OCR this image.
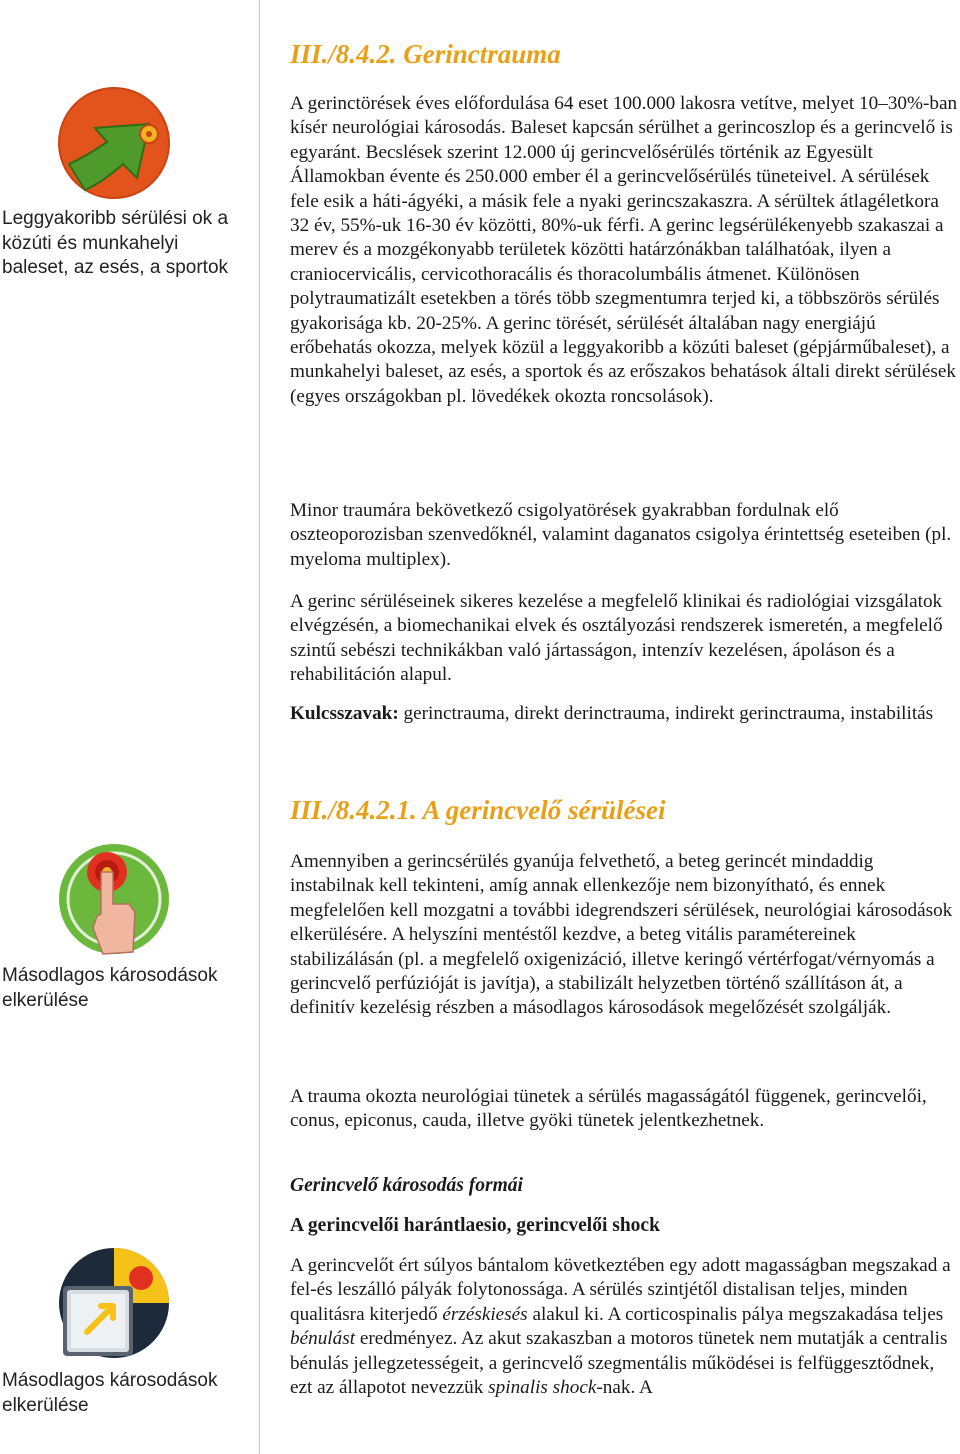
Leggyakoribb sérülési ok a közúti és munkahelyi baleset, az esés, a sportok
III./8.4.2. Gerinctrauma

A gerinctörések éves előfordulása 64 eset 100.000 lakosra vetítve, melyet 10–30%-ban kísér neurológiai károsodás. Baleset kapcsán sérülhet a gerincoszlop és a gerincvelő is egyaránt. Becslések szerint 12.000 új gerincvelősérülés történik az Egyesült Államokban évente és 250.000 ember él a gerincvelősérülés tüneteivel. A sérülések fele esik a háti-ágyéki, a másik fele a nyaki gerincszakaszra. A sérültek átlagéletkora 32 év, 55%-uk 16-30 év közötti, 80%-uk férfi. A gerinc legsérülékenyebb szakaszai a merev és a mozgékonyabb területek közötti határzónákban találhatóak, ilyen a craniocervicális, cervicothoracális és thoracolumbális átmenet. Különösen polytraumatizált esetekben a törés több szegmentumra terjed ki, a többszörös sérülés gyakorisága kb. 20-25%. A gerinc törését, sérülését általában nagy energiájú erőbehatás okozza, melyek közül a leggyakoribb a közúti baleset (gépjárműbaleset), a munkahelyi baleset, az esés, a sportok és az erőszakos behatások általi direkt sérülések (egyes országokban pl. lövedékek okozta roncsolások).

Minor traumára bekövetkező csigolyatörések gyakrabban fordulnak elő oszteoporozisban szenvedőknél, valamint daganatos csigolya érintettség eseteiben (pl. myeloma multiplex).

A gerinc sérüléseinek sikeres kezelése a megfelelő klinikai és radiológiai vizsgálatok elvégzésén, a biomechanikai elvek és osztályozási rendszerek ismeretén, a megfelelő szintű sebészi technikákban való jártasságon, intenzív kezelésen, ápoláson és a rehabilitáción alapul.

Kulcsszavak: gerinctrauma, direkt derinctrauma, indirekt gerinctrauma, instabilitás

III./8.4.2.1. A gerincvelő sérülései
Másodlagos károsodások elkerülése

Amennyiben a gerincsérülés gyanúja felvethető, a beteg gerincét mindaddig instabilnak kell tekinteni, amíg annak ellenkezője nem bizonyítható, és ennek megfelelően kell mozgatni a további idegrendszeri sérülések, neurológiai károsodások elkerülésére. A helyszíni mentéstől kezdve, a beteg vitális paramétereinek stabilizálásán (pl. a megfelelő oxigenizáció, illetve keringő vértérfogat/vérnyomás a gerincvelő perfúzióját is javítja), a stabilizált helyzetben történő szállításon át, a definitív kezelésig részben a másodlagos károsodások megelőzését szolgálják.

A trauma okozta neurológiai tünetek a sérülés magasságától függenek, gerincvelői, conus, epiconus, cauda, illetve gyöki tünetek jelentkezhetnek.

Gerincvelő károsodás formái
A gerincvelői harántlaesio, gerincvelői shock

A gerincvelőt ért súlyos bántalom következtében egy adott magasságban megszakad a fel-és leszálló pályák folytonossága. A sérülés szintjétől distalisan teljes, minden qualitásra kiterjedő érzéskiesés alakul ki. A corticospinalis pálya megszakadása teljes bénulást eredményez. Az akut szakaszban a motoros tünetek nem mutatják a centralis bénulás jellegzetességeit, a gerincvelő szegmentális működései is felfüggesztődnek, ezt az állapotot nevezzük spinalis shock-nak. A

Másodlagos károsodások elkerülése
